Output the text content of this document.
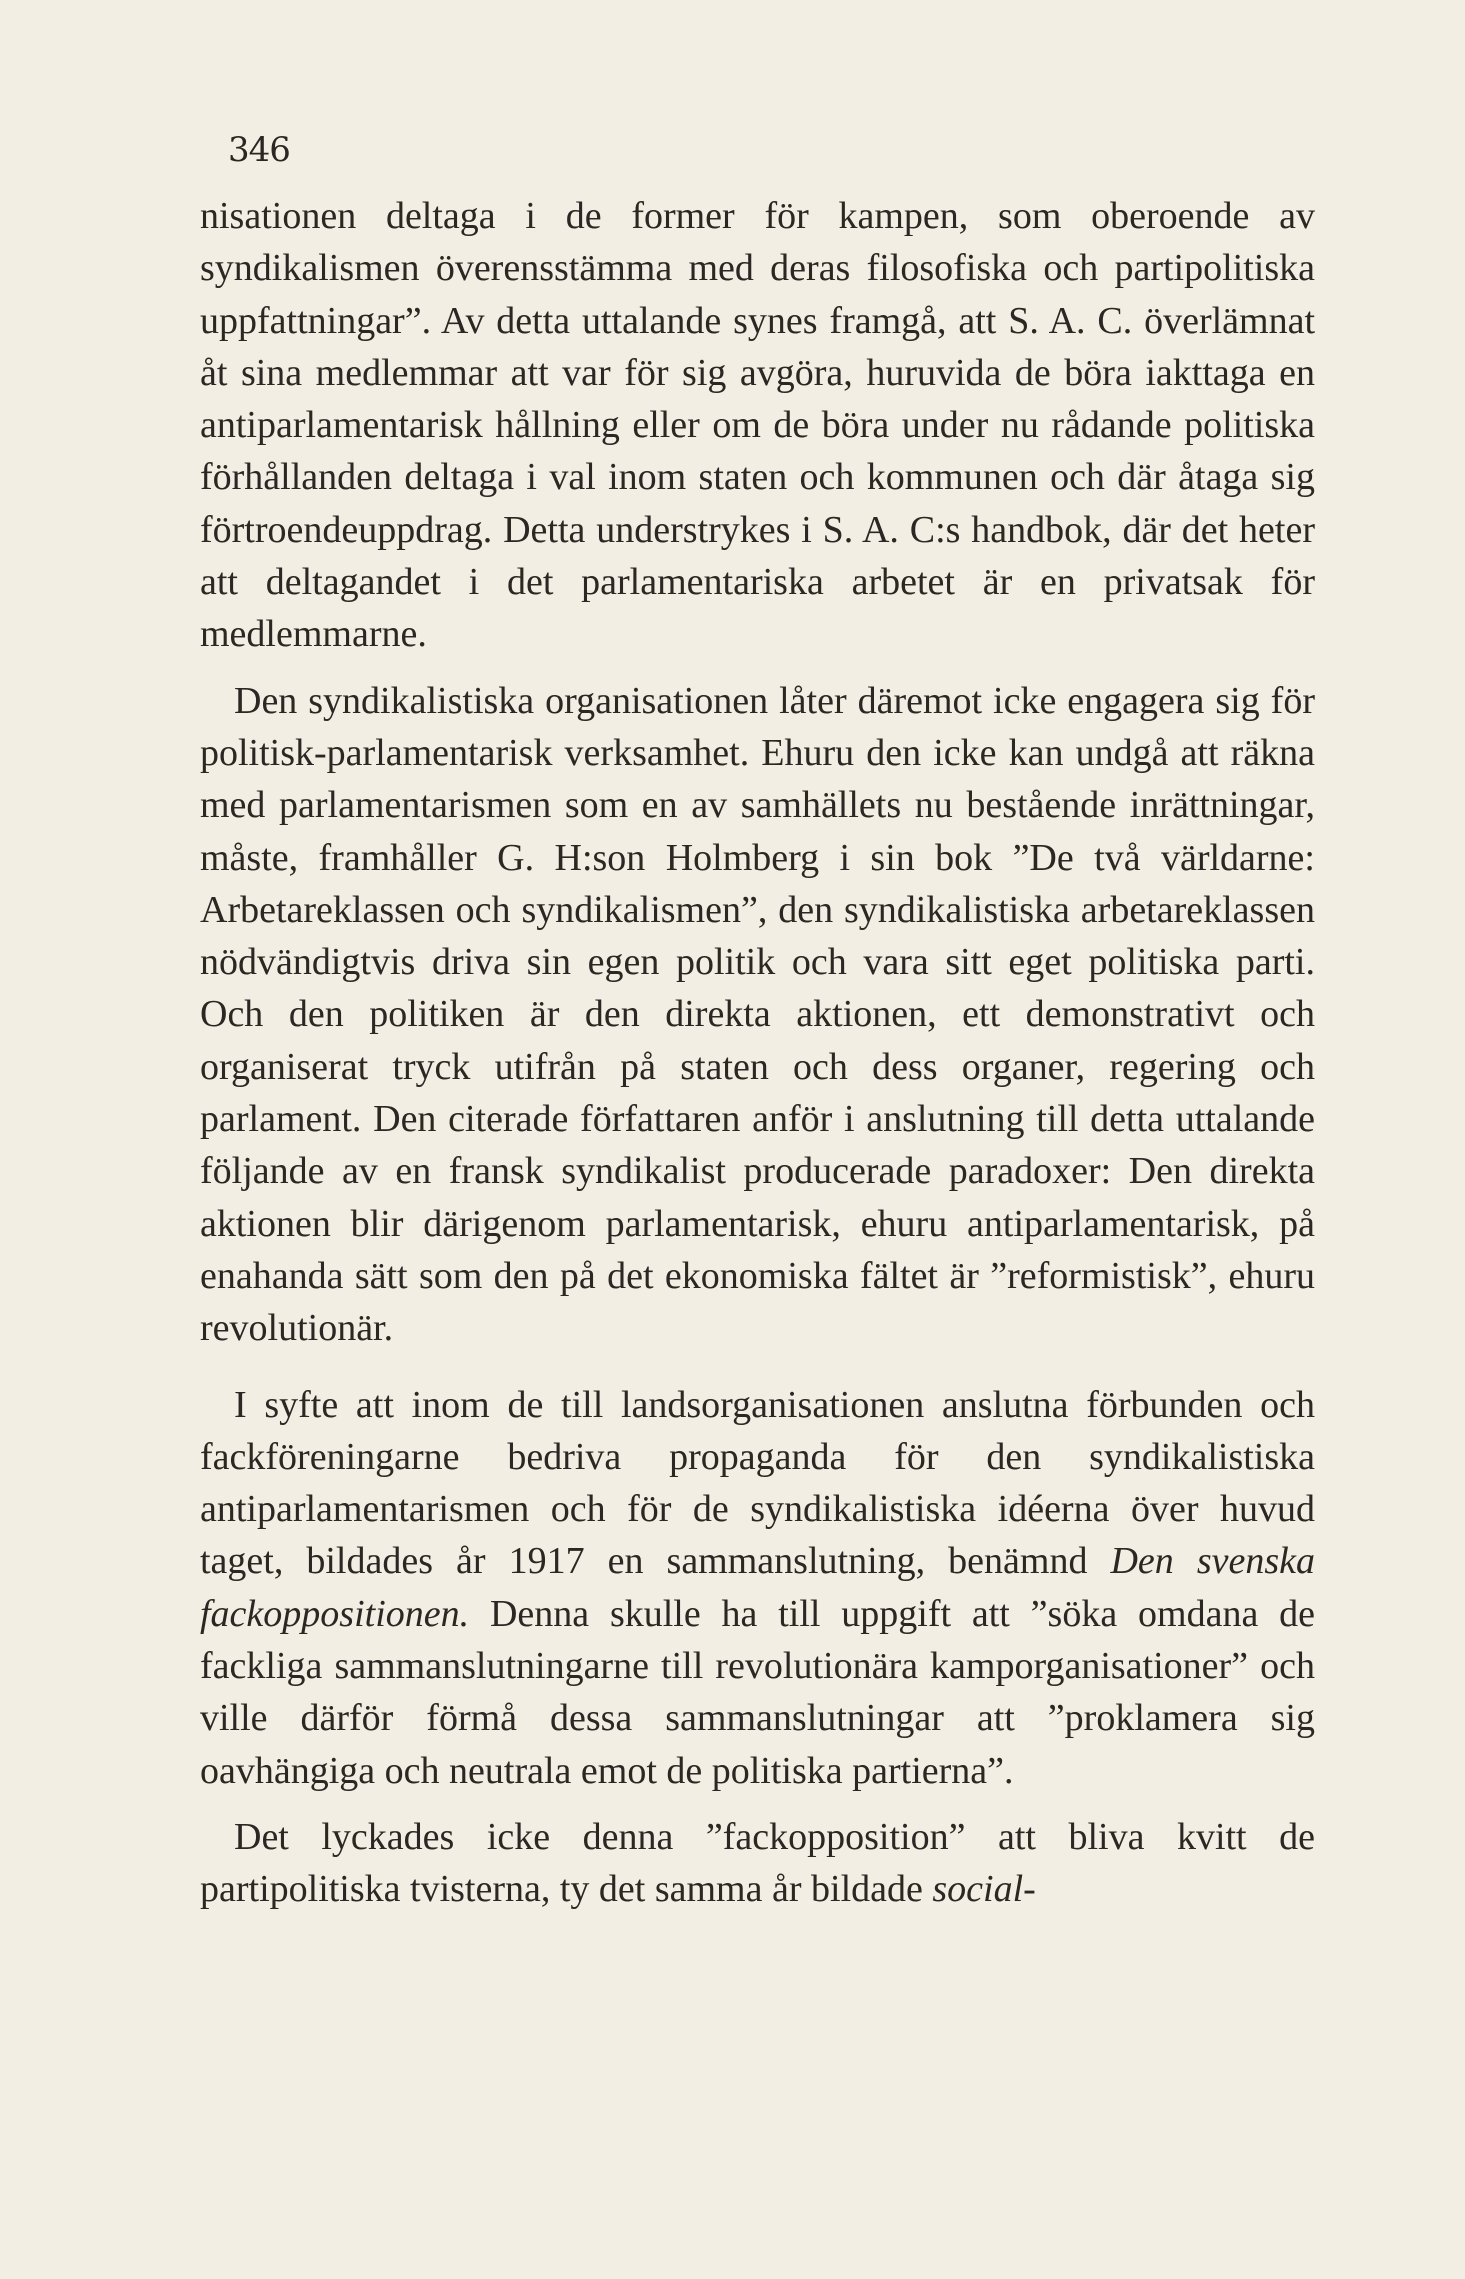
346

nisationen deltaga i de former för kampen, som oberoende av syndikalismen överensstämma med deras filosofiska och partipolitiska uppfattningar”. Av detta uttalande synes framgå, att S. A. C. överlämnat åt sina medlemmar att var för sig avgöra, huruvida de böra iakttaga en antiparlamentarisk hållning eller om de böra under nu rådande politiska förhållanden deltaga i val inom staten och kommunen och där åtaga sig förtroendeuppdrag. Detta understrykes i S. A. C:s handbok, där det heter att deltagandet i det parlamentariska arbetet är en privatsak för medlemmarne.

Den syndikalistiska organisationen låter däremot icke engagera sig för politisk-parlamentarisk verksamhet. Ehuru den icke kan undgå att räkna med parlamentarismen som en av samhällets nu bestående inrättningar, måste, framhåller G. H:son Holmberg i sin bok ”De två världarne: Arbetareklassen och syndikalismen”, den syndikalistiska arbetareklassen nödvändigtvis driva sin egen politik och vara sitt eget politiska parti. Och den politiken är den direkta aktionen, ett demonstrativt och organiserat tryck utifrån på staten och dess organer, regering och parlament. Den citerade författaren anför i anslutning till detta uttalande följande av en fransk syndikalist producerade paradoxer: Den direkta aktionen blir därigenom parlamentarisk, ehuru antiparlamentarisk, på enahanda sätt som den på det ekonomiska fältet är ”reformistisk”, ehuru revolutionär.

I syfte att inom de till landsorganisationen anslutna förbunden och fackföreningarne bedriva propaganda för den syndikalistiska antiparlamentarismen och för de syndikalistiska idéerna över huvud taget, bildades år 1917 en sammanslutning, benämnd Den svenska fackoppositionen. Denna skulle ha till uppgift att ”söka omdana de fackliga sammanslutningarne till revolutionära kamporganisationer” och ville därför förmå dessa sammanslutningar att ”proklamera sig oavhängiga och neutrala emot de politiska partierna”.

Det lyckades icke denna ”fackopposition” att bliva kvitt de partipolitiska tvisterna, ty det samma år bildade social-
